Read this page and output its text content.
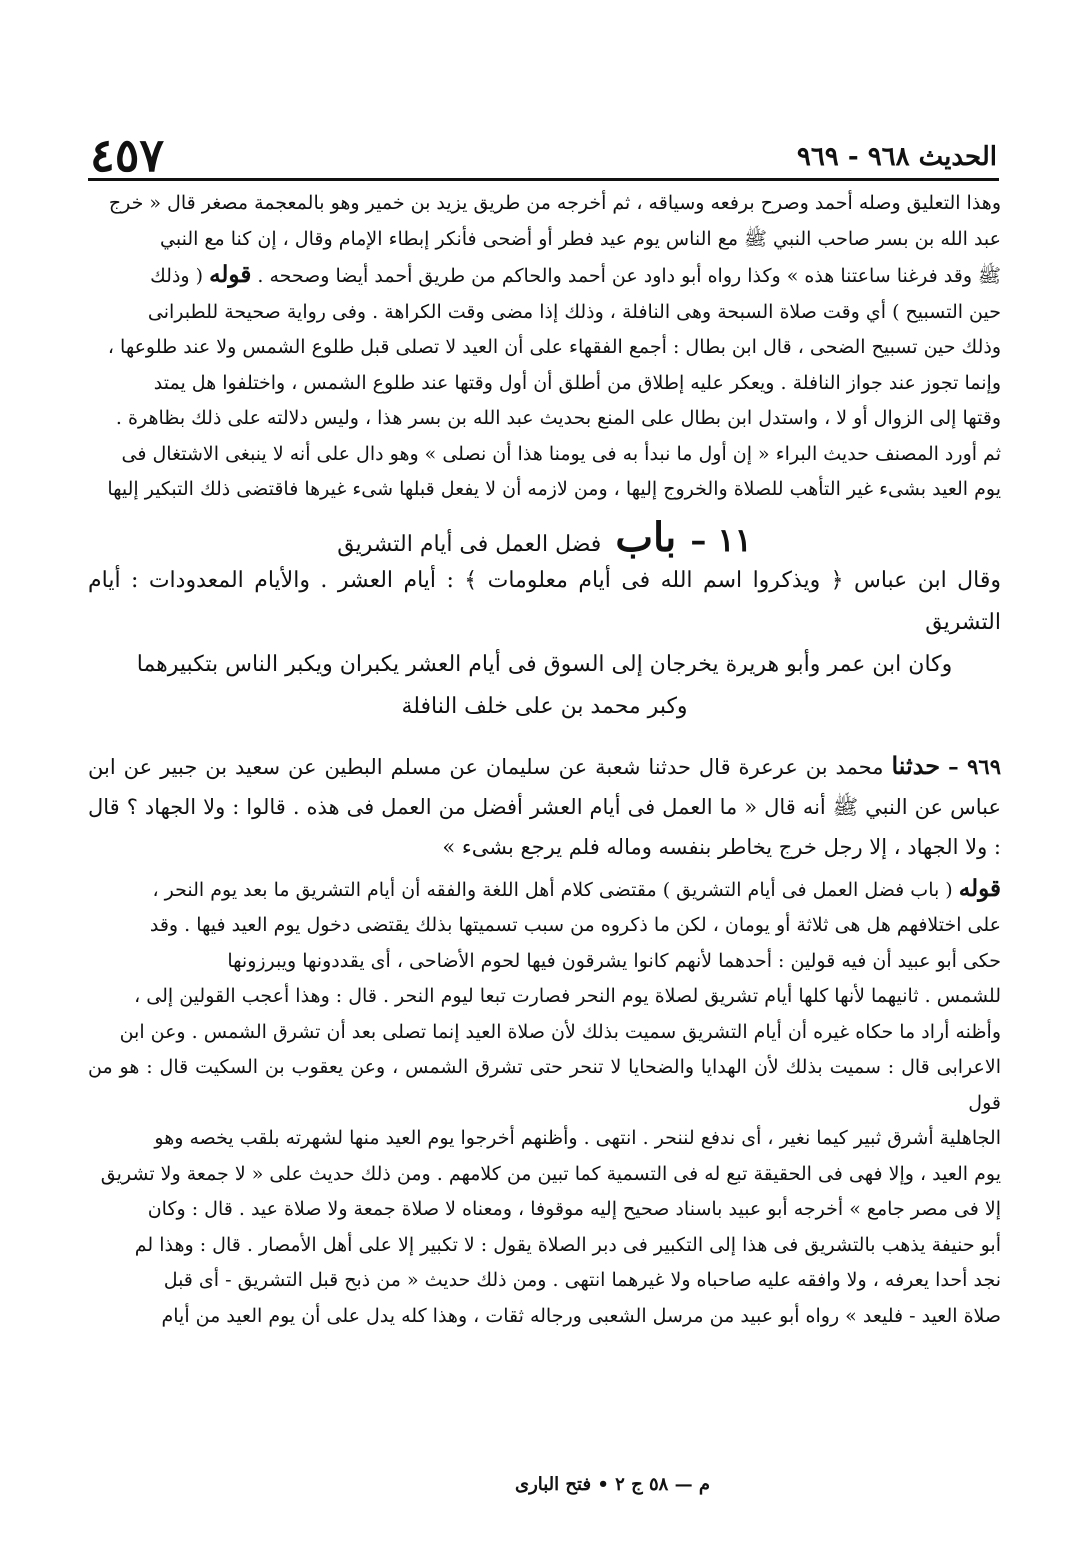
الحديث ٩٦٨ - ٩٦٩
٤٥٧

وهذا التعليق وصله أحمد وصرح برفعه وسياقه ، ثم أخرجه من طريق يزيد بن خمير وهو بالمعجمة مصغر قال « خرج

عبد الله بن بسر صاحب النبي ﷺ مع الناس يوم عيد فطر أو أضحى فأنكر إبطاء الإمام وقال ، إن كنا مع النبي

ﷺ وقد فرغنا ساعتنا هذه » وكذا رواه أبو داود عن أحمد والحاكم من طريق أحمد أيضا وصححه . قوله ( وذلك

حين التسبيح ) أي وقت صلاة السبحة وهى النافلة ، وذلك إذا مضى وقت الكراهة . وفى رواية صحيحة للطبرانى

وذلك حين تسبيح الضحى ، قال ابن بطال : أجمع الفقهاء على أن العيد لا تصلى قبل طلوع الشمس ولا عند طلوعها ،

وإنما تجوز عند جواز النافلة . ويعكر عليه إطلاق من أطلق أن أول وقتها عند طلوع الشمس ، واختلفوا هل يمتد

وقتها إلى الزوال أو لا ، واستدل ابن بطال على المنع بحديث عبد الله بن بسر هذا ، وليس دلالته على ذلك بظاهرة .

ثم أورد المصنف حديث البراء « إن أول ما نبدأ به فى يومنا هذا أن نصلى » وهو دال على أنه لا ينبغى الاشتغال فى

يوم العيد بشىء غير التأهب للصلاة والخروج إليها ، ومن لازمه أن لا يفعل قبلها شىء غيرها فاقتضى ذلك التبكير إليها

١١ –
باب
فضل العمل فى أيام التشريق

وقال ابن عباس ﴿ ويذكروا اسم الله فى أيام معلومات ﴾ : أيام العشر . والأيام المعدودات : أيام التشريق

وكان ابن عمر وأبو هريرة يخرجان إلى السوق فى أيام العشر يكبران ويكبر الناس بتكبيرهما

وكبر محمد بن على خلف النافلة

٩٦٩ – حدثنا محمد بن عرعرة قال حدثنا شعبة عن سليمان عن مسلم البطين عن سعيد بن جبير عن ابن عباس عن النبي ﷺ أنه قال « ما العمل فى أيام العشر أفضل من العمل فى هذه . قالوا : ولا الجهاد ؟ قال : ولا الجهاد ، إلا رجل خرج يخاطر بنفسه وماله فلم يرجع بشىء »

قوله ( باب فضل العمل فى أيام التشريق ) مقتضى كلام أهل اللغة والفقه أن أيام التشريق ما بعد يوم النحر ،

على اختلافهم هل هى ثلاثة أو يومان ، لكن ما ذكروه من سبب تسميتها بذلك يقتضى دخول يوم العيد فيها . وقد

حكى أبو عبيد أن فيه قولين : أحدهما لأنهم كانوا يشرقون فيها لحوم الأضاحى ، أى يقددونها ويبرزونها

للشمس . ثانيهما لأنها كلها أيام تشريق لصلاة يوم النحر فصارت تبعا ليوم النحر . قال : وهذا أعجب القولين إلى ،

وأظنه أراد ما حكاه غيره أن أيام التشريق سميت بذلك لأن صلاة العيد إنما تصلى بعد أن تشرق الشمس . وعن ابن

الاعرابى قال : سميت بذلك لأن الهدايا والضحايا لا تنحر حتى تشرق الشمس ، وعن يعقوب بن السكيت قال : هو من قول

الجاهلية أشرق ثبير كيما نغير ، أى ندفع لننحر . انتهى . وأظنهم أخرجوا يوم العيد منها لشهرته بلقب يخصه وهو

يوم العيد ، وإلا فهى فى الحقيقة تبع له فى التسمية كما تبين من كلامهم . ومن ذلك حديث على « لا جمعة ولا تشريق

إلا فى مصر جامع » أخرجه أبو عبيد باسناد صحيح إليه موقوفا ، ومعناه لا صلاة جمعة ولا صلاة عيد . قال : وكان

أبو حنيفة يذهب بالتشريق فى هذا إلى التكبير فى دبر الصلاة يقول : لا تكبير إلا على أهل الأمصار . قال : وهذا لم

نجد أحدا يعرفه ، ولا وافقه عليه صاحباه ولا غيرهما انتهى . ومن ذلك حديث « من ذبح قبل التشريق - أى قبل

صلاة العيد - فليعد » رواه أبو عبيد من مرسل الشعبى ورجاله ثقات ، وهذا كله يدل على أن يوم العيد من أيام

م — ٥٨ ج ٢ • فتح البارى
